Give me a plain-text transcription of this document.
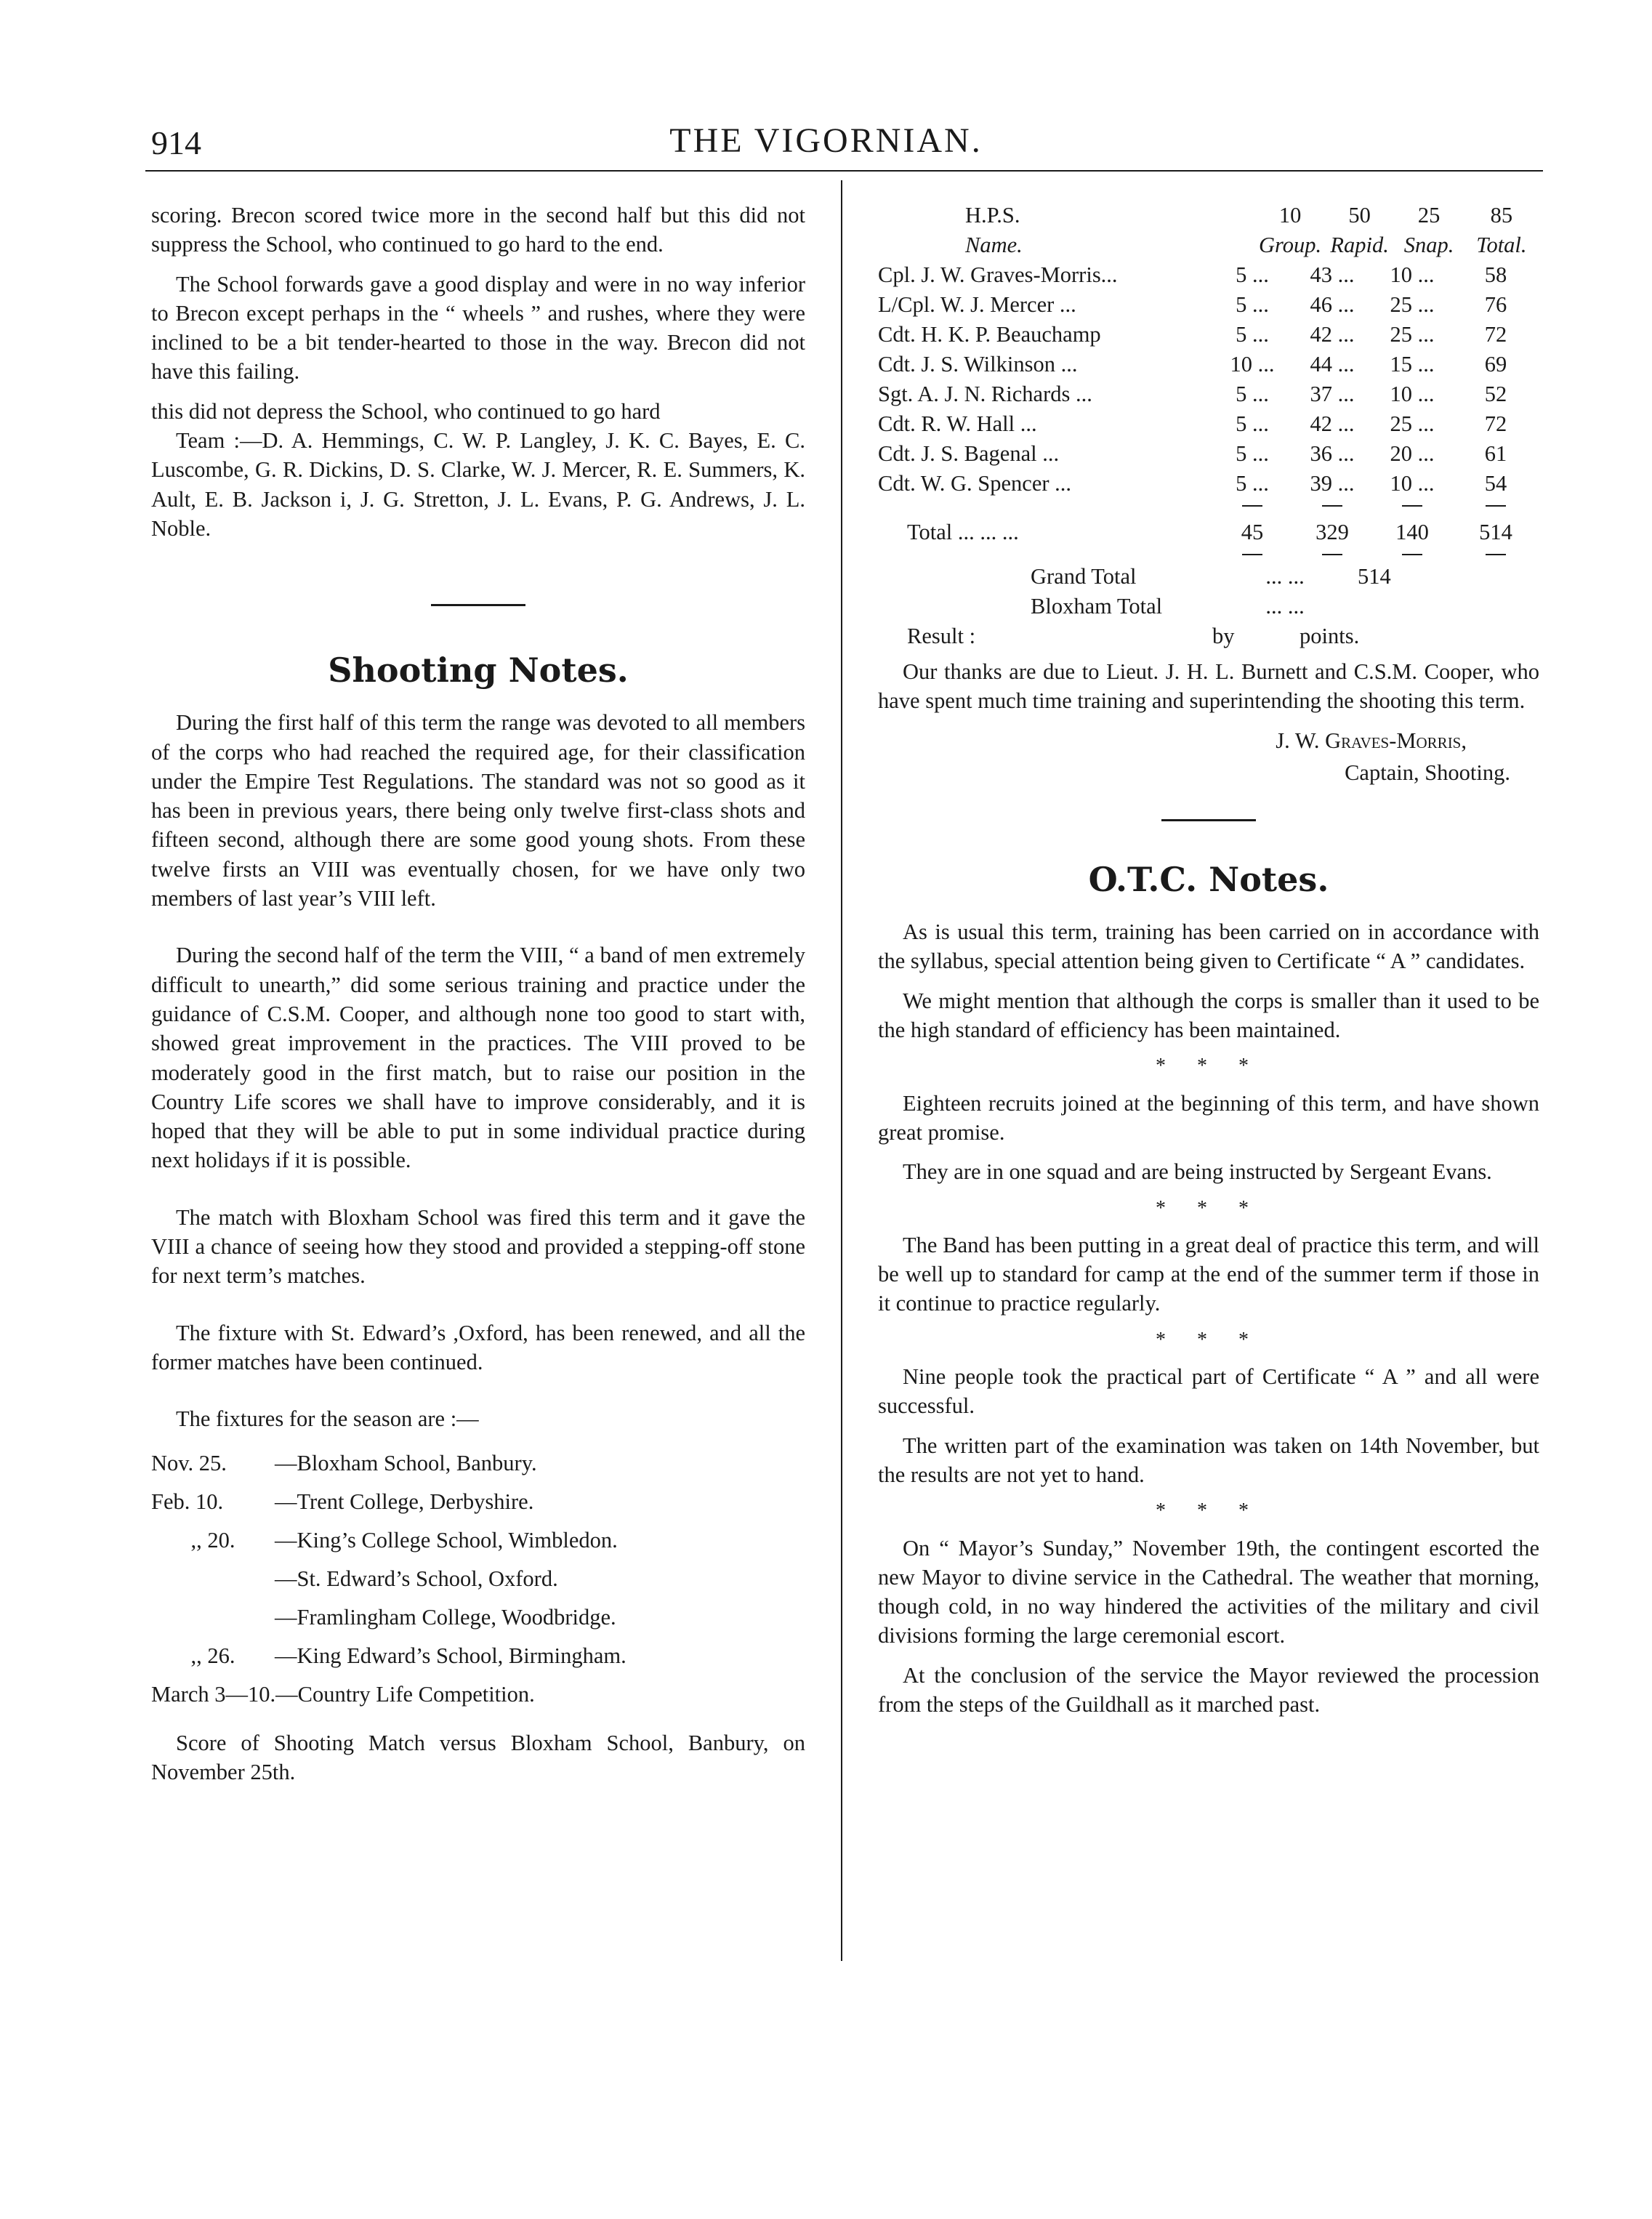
914	THE VIGORNIAN.

scoring. Brecon scored twice more in the second half but this did not suppress the School, who continued to go hard to the end.

The School forwards gave a good display and were in no way inferior to Brecon except perhaps in the “ wheels ” and rushes, where they were inclined to be a bit tender-hearted to those in the way. Brecon did not have this failing.

this did not depress the School, who continued to go hard

Team :—D. A. Hemmings, C. W. P. Langley, J. K. C. Bayes, E. C. Luscombe, G. R. Dickins, D. S. Clarke, W. J. Mercer, R. E. Summers, K. Ault, E. B. Jackson i, J. G. Stretton, J. L. Evans, P. G. Andrews, J. L. Noble.

Shooting Notes.

During the first half of this term the range was devoted to all members of the corps who had reached the required age, for their classification under the Empire Test Regulations. The standard was not so good as it has been in previous years, there being only twelve first-class shots and fifteen second, although there are some good young shots. From these twelve firsts an VIII was eventually chosen, for we have only two members of last year’s VIII left.

During the second half of the term the VIII, “ a band of men extremely difficult to unearth,” did some serious training and practice under the guidance of C.S.M. Cooper, and although none too good to start with, showed great improvement in the practices. The VIII proved to be moderately good in the first match, but to raise our position in the Country Life scores we shall have to improve considerably, and it is hoped that they will be able to put in some individual practice during next holidays if it is possible.

The match with Bloxham School was fired this term and it gave the VIII a chance of seeing how they stood and provided a stepping-off stone for next term’s matches.

The fixture with St. Edward’s ,Oxford, has been renewed, and all the former matches have been continued.

The fixtures for the season are :—

Nov. 25.	—Bloxham School, Banbury.
Feb. 10.	—Trent College, Derbyshire.
,, 20.	—King’s College School, Wimbledon.
—St. Edward’s School, Oxford.
—Framlingham College, Woodbridge.
,, 26.	—King Edward’s School, Birmingham.
March 3 —10.—Country Life Competition.

Score of Shooting Match versus Bloxham School, Banbury, on November 25th.

H.P.S.	10	50	25	85
Name.	Group. Rapid. Snap.	Total.
Cpl. J. W. Graves-Morris...	5 ...	43 ...	10 ...	58
L/Cpl. W. J. Mercer ...	5 ...	46 ...	25 ...	76
Cdt. H. K. P. Beauchamp	5 ...	42 ...	25 ...	72
Cdt. J. S. Wilkinson ...	10 ...	44 ...	15 ...	69
Sgt. A. J. N. Richards ...	5 ...	37 ...	10 ...	52
Cdt. R. W. Hall ...	5 ...	42 ...	25 ...	72
Cdt. J. S. Bagenal ...	5 ...	36 ...	20 ...	61
Cdt. W. G. Spencer ...	5 ...	39 ...	10 ...	54
Total ... ... ...	45	329	140	514
Grand Total	... ...	514
Bloxham Total	... ...
Result :	by	points.

Our thanks are due to Lieut. J. H. L. Burnett and C.S.M. Cooper, who have spent much time training and superintending the shooting this term.

J. W. Graves-Morris,
Captain, Shooting.
O.T.C. Notes.

As is usual this term, training has been carried on in accordance with the syllabus, special attention being given to Certificate “ A ” candidates.

We might mention that although the corps is smaller than it used to be the high standard of efficiency has been maintained.

* * *

Eighteen recruits joined at the beginning of this term, and have shown great promise.

They are in one squad and are being instructed by Sergeant Evans.

* * *

The Band has been putting in a great deal of practice this term, and will be well up to standard for camp at the end of the summer term if those in it continue to practice regularly.

* * *

Nine people took the practical part of Certificate “ A ” and all were successful.

The written part of the examination was taken on 14th November, but the results are not yet to hand.

* * *

On “ Mayor’s Sunday,” November 19th, the contingent escorted the new Mayor to divine service in the Cathedral. The weather that morning, though cold, in no way hindered the activities of the military and civil divisions forming the large ceremonial escort.

At the conclusion of the service the Mayor reviewed the procession from the steps of the Guildhall as it marched past.
